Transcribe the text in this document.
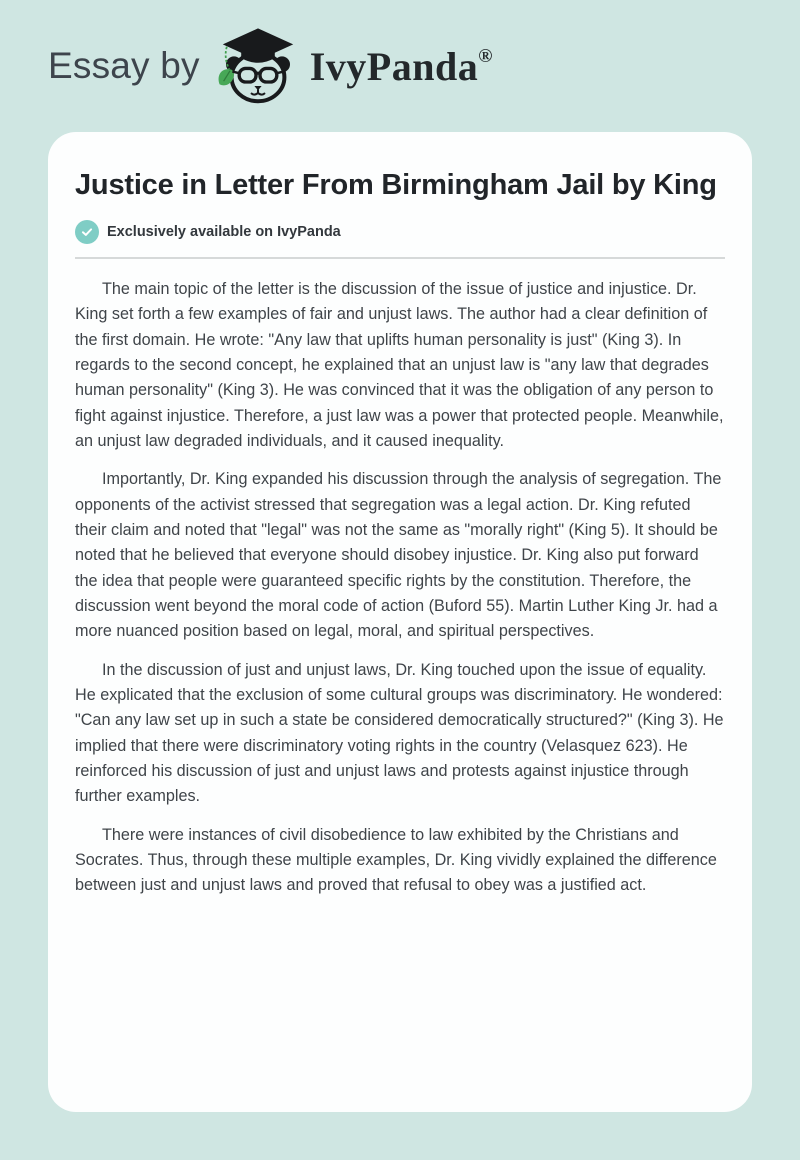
Essay by	IvyPanda®
Justice in Letter From Birmingham Jail by King
Exclusively available on IvyPanda

The main topic of the letter is the discussion of the issue of justice and injustice. Dr. King set forth a few examples of fair and unjust laws. The author had a clear definition of the first domain. He wrote: "Any law that uplifts human personality is just" (King 3). In regards to the second concept, he explained that an unjust law is "any law that degrades human personality" (King 3). He was convinced that it was the obligation of any person to fight against injustice. Therefore, a just law was a power that protected people. Meanwhile, an unjust law degraded individuals, and it caused inequality.

Importantly, Dr. King expanded his discussion through the analysis of segregation. The opponents of the activist stressed that segregation was a legal action. Dr. King refuted their claim and noted that "legal" was not the same as "morally right" (King 5). It should be noted that he believed that everyone should disobey injustice. Dr. King also put forward the idea that people were guaranteed specific rights by the constitution. Therefore, the discussion went beyond the moral code of action (Buford 55). Martin Luther King Jr. had a more nuanced position based on legal, moral, and spiritual perspectives.

In the discussion of just and unjust laws, Dr. King touched upon the issue of equality. He explicated that the exclusion of some cultural groups was discriminatory. He wondered: "Can any law set up in such a state be considered democratically structured?" (King 3). He implied that there were discriminatory voting rights in the country (Velasquez 623). He reinforced his discussion of just and unjust laws and protests against injustice through further examples.

There were instances of civil disobedience to law exhibited by the Christians and Socrates. Thus, through these multiple examples, Dr. King vividly explained the difference between just and unjust laws and proved that refusal to obey was a justified act.
